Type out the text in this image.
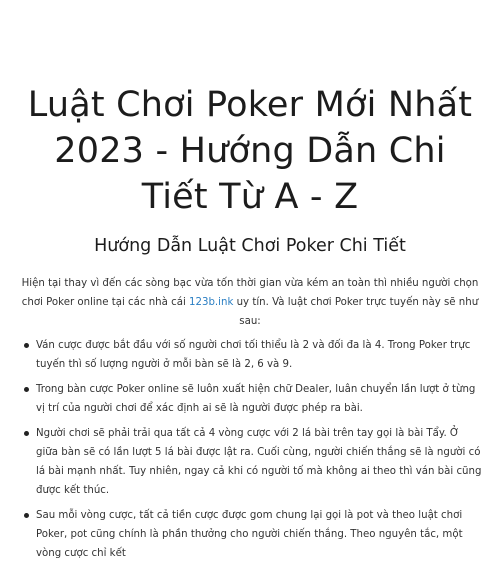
Luật Chơi Poker Mới Nhất 2023 - Hướng Dẫn Chi Tiết Từ A - Z
Hướng Dẫn Luật Chơi Poker Chi Tiết

Hiện tại thay vì đến các sòng bạc vừa tốn thời gian vừa kém an toàn thì nhiều người chọn chơi Poker online tại các nhà cái 123b.ink uy tín. Và luật chơi Poker trực tuyến này sẽ như sau:

Ván cược được bắt đầu với số người chơi tối thiểu là 2 và đối đa là 4. Trong Poker trực tuyến thì số lượng người ở mỗi bàn sẽ là 2, 6 và 9.
Trong bàn cược Poker online sẽ luôn xuất hiện chữ Dealer, luân chuyển lần lượt ở từng vị trí của người chơi để xác định ai sẽ là người được phép ra bài.
Người chơi sẽ phải trải qua tất cả 4 vòng cược với 2 lá bài trên tay gọi là bài Tẩy. Ở giữa bàn sẽ có lần lượt 5 lá bài được lật ra. Cuối cùng, người chiến thắng sẽ là người có lá bài mạnh nhất. Tuy nhiên, ngay cả khi có người tố mà không ai theo thì ván bài cũng được kết thúc.
Sau mỗi vòng cược, tất cả tiền cược được gom chung lại gọi là pot và theo luật chơi Poker, pot cũng chính là phần thưởng cho người chiến thắng. Theo nguyên tắc, một vòng cược chỉ kết
